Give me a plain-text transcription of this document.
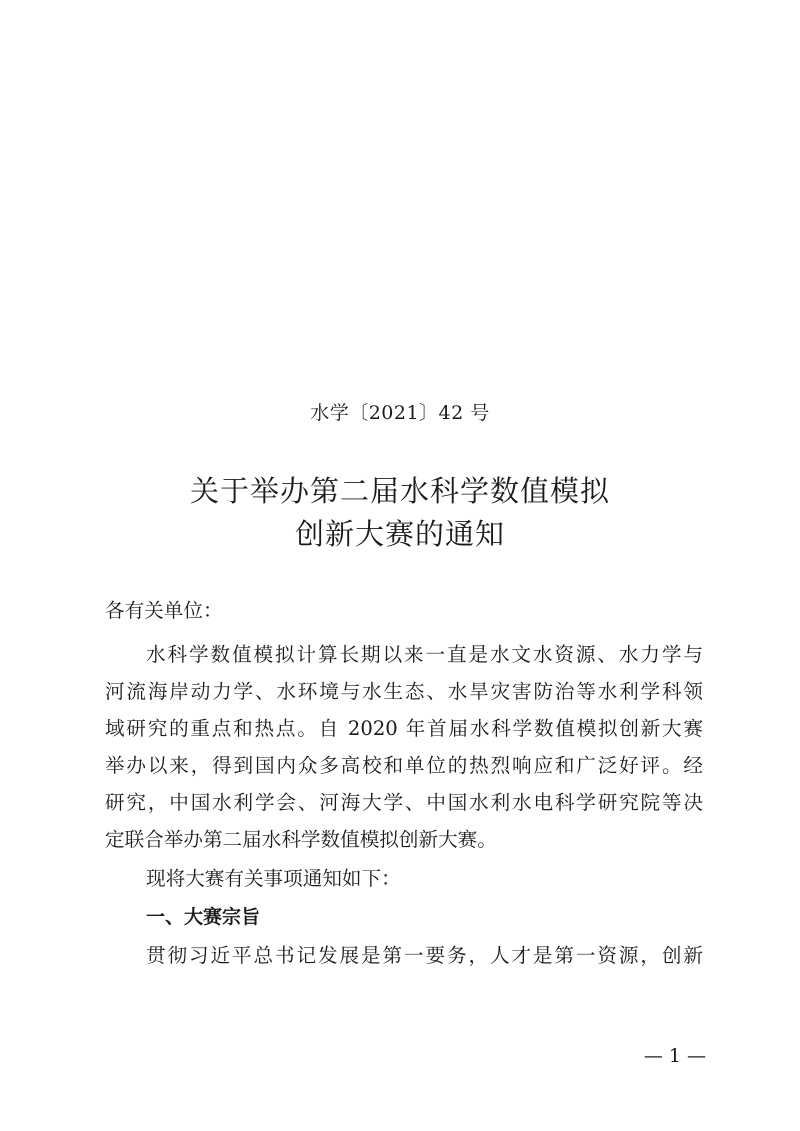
水学〔2021〕42 号
关于举办第二届水科学数值模拟
创新大赛的通知
各有关单位：
水科学数值模拟计算长期以来一直是水文水资源、水力学与
河流海岸动力学、水环境与水生态、水旱灾害防治等水利学科领
域研究的重点和热点。自 2020 年首届水科学数值模拟创新大赛
举办以来，得到国内众多高校和单位的热烈响应和广泛好评。经
研究，中国水利学会、河海大学、中国水利水电科学研究院等决
定联合举办第二届水科学数值模拟创新大赛。
现将大赛有关事项通知如下：
一、大赛宗旨
贯彻习近平总书记发展是第一要务，人才是第一资源，创新
— 1 —
